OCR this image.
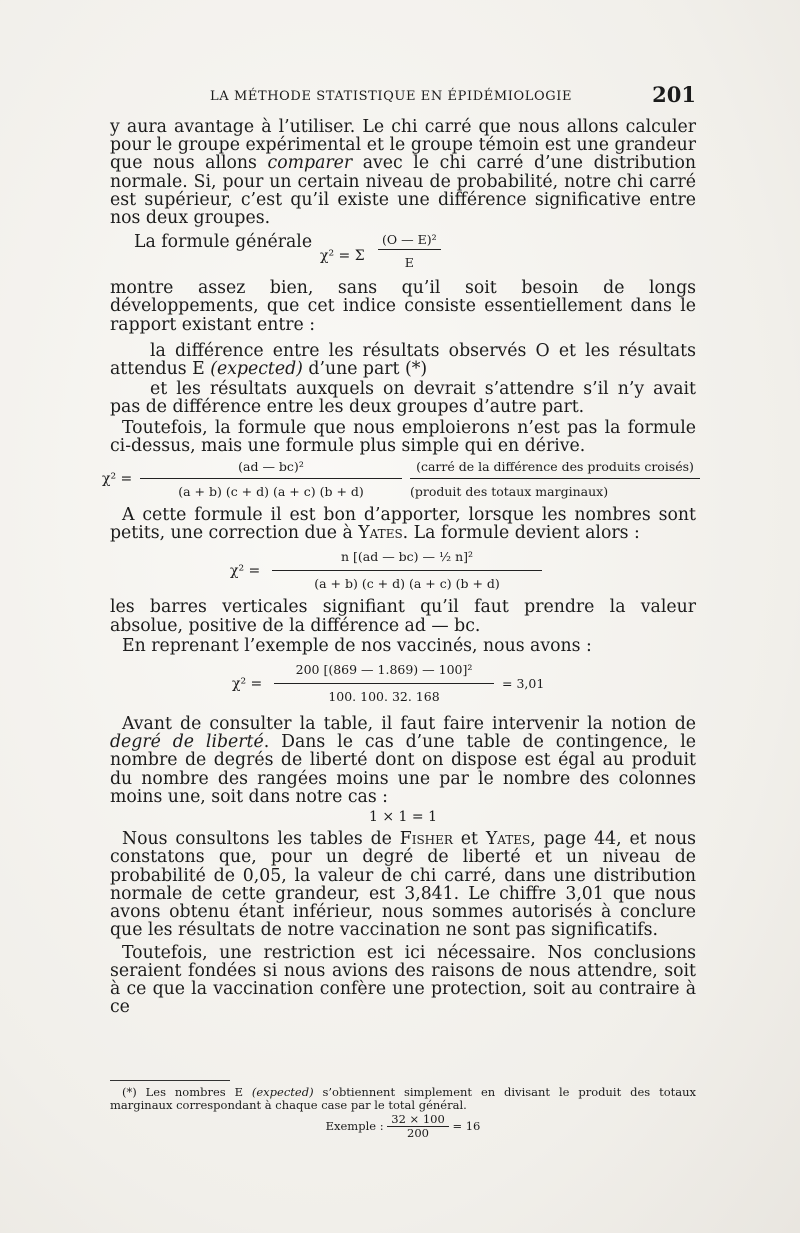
LA MÉTHODE STATISTIQUE EN ÉPIDÉMIOLOGIE	201

y aura avantage à l’utiliser. Le chi carré que nous allons calculer pour le groupe expérimental et le groupe témoin est une grandeur que nous allons comparer avec le chi carré d’une distribution normale. Si, pour un certain niveau de probabilité, notre chi carré est supérieur, c’est qu’il existe une différence significative entre nos deux groupes.

La formule générale
χ² = Σ $\frac{\text{(O — E)²}}{E}$

montre assez bien, sans qu’il soit besoin de longs développements, que cet indice consiste essentiellement dans le rapport existant entre :

la différence entre les résultats observés O et les résultats attendus E (expected) d’une part (*)

et les résultats auxquels on devrait s’attendre s’il n’y avait pas de différence entre les deux groupes d’autre part.

Toutefois, la formule que nous emploierons n’est pas la formule ci-dessus, mais une formule plus simple qui en dérive.

χ² =
(ad — bc)²
(a + b) (c + d) (a + c) (b + d)
(carré de la différence des produits croisés)
(produit des totaux marginaux)

A cette formule il est bon d’apporter, lorsque les nombres sont petits, une correction due à Yates. La formule devient alors :

χ² =
n [(ad — bc) — ½ n]²
(a + b) (c + d) (a + c) (b + d)

les barres verticales signifiant qu’il faut prendre la valeur absolue, positive de la différence ad — bc.

En reprenant l’exemple de nos vaccinés, nous avons :

χ² =
200 [(869 — 1.869) — 100]²
100. 100. 32. 168
= 3,01

Avant de consulter la table, il faut faire intervenir la notion de degré de liberté. Dans le cas d’une table de contingence, le nombre de degrés de liberté dont on dispose est égal au produit du nombre des rangées moins une par le nombre des colonnes moins une, soit dans notre cas :

1 × 1 = 1

Nous consultons les tables de Fisher et Yates, page 44, et nous constatons que, pour un degré de liberté et un niveau de probabilité de 0,05, la valeur de chi carré, dans une distribution normale de cette grandeur, est 3,841. Le chiffre 3,01 que nous avons obtenu étant inférieur, nous sommes autorisés à conclure que les résultats de notre vaccination ne sont pas significatifs.

Toutefois, une restriction est ici nécessaire. Nos conclusions seraient fondées si nous avions des raisons de nous attendre, soit à ce que la vaccination confère une protection, soit au contraire à ce

(*) Les nombres E (expected) s’obtiennent simplement en divisant le produit des totaux marginaux correspondant à chaque case par le total général.
Exemple : $\frac{32 \times 100}{200} = 16$
